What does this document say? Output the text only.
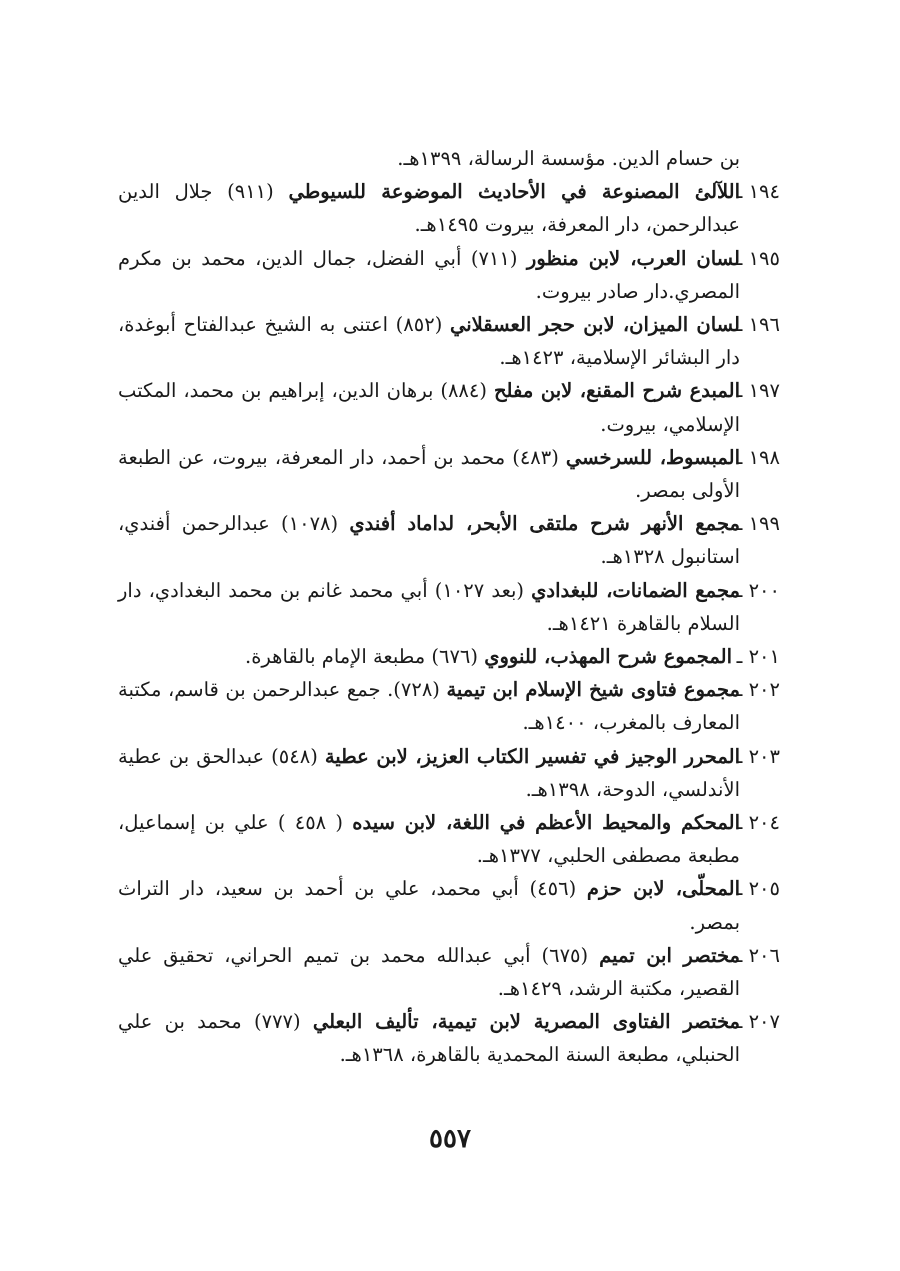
بن حسام الدين. مؤسسة الرسالة، ١٣٩٩هـ.

١٩٤ ـ

اللآلئ المصنوعة في الأحاديث الموضوعة للسيوطي (٩١١) جلال الدين عبدالرحمن، دار المعرفة، بيروت ١٤٩٥هـ.

١٩٥ ـ

لسان العرب، لابن منظور (٧١١) أبي الفضل، جمال الدين، محمد بن مكرم المصري.دار صادر بيروت.

١٩٦ ـ

لسان الميزان، لابن حجر العسقلاني (٨٥٢) اعتنى به الشيخ عبدالفتاح أبوغدة، دار البشائر الإسلامية، ١٤٢٣هـ.

١٩٧ ـ

المبدع شرح المقنع، لابن مفلح (٨٨٤) برهان الدين، إبراهيم بن محمد، المكتب الإسلامي، بيروت.

١٩٨ ـ

المبسوط، للسرخسي (٤٨٣) محمد بن أحمد، دار المعرفة، بيروت، عن الطبعة الأولى بمصر.

١٩٩ ـ

مجمع الأنهر شرح ملتقى الأبحر، لداماد أفندي (١٠٧٨) عبدالرحمن أفندي، استانبول ١٣٢٨هـ.

٢٠٠ ـ

مجمع الضمانات، للبغدادي (بعد ١٠٢٧) أبي محمد غانم بن محمد البغدادي، دار السلام بالقاهرة ١٤٢١هـ.

٢٠١ ـ

المجموع شرح المهذب، للنووي (٦٧٦) مطبعة الإمام بالقاهرة.

٢٠٢ ـ

مجموع فتاوى شيخ الإسلام ابن تيمية (٧٢٨). جمع عبدالرحمن بن قاسم، مكتبة المعارف بالمغرب، ١٤٠٠هـ.

٢٠٣ ـ

المحرر الوجيز في تفسير الكتاب العزيز، لابن عطية (٥٤٨) عبدالحق بن عطية الأندلسي، الدوحة، ١٣٩٨هـ.

٢٠٤ ـ

المحكم والمحيط الأعظم في اللغة، لابن سيده ( ٤٥٨ ) علي بن إسماعيل، مطبعة مصطفى الحلبي، ١٣٧٧هـ.

٢٠٥ ـ

المحلّى، لابن حزم (٤٥٦) أبي محمد، علي بن أحمد بن سعيد، دار التراث بمصر.

٢٠٦ ـ

مختصر ابن تميم (٦٧٥) أبي عبدالله محمد بن تميم الحراني، تحقيق علي القصير، مكتبة الرشد، ١٤٢٩هـ.

٢٠٧ ـ

مختصر الفتاوى المصرية لابن تيمية، تأليف البعلي (٧٧٧) محمد بن علي الحنبلي، مطبعة السنة المحمدية بالقاهرة، ١٣٦٨هـ.

٥٥٧
